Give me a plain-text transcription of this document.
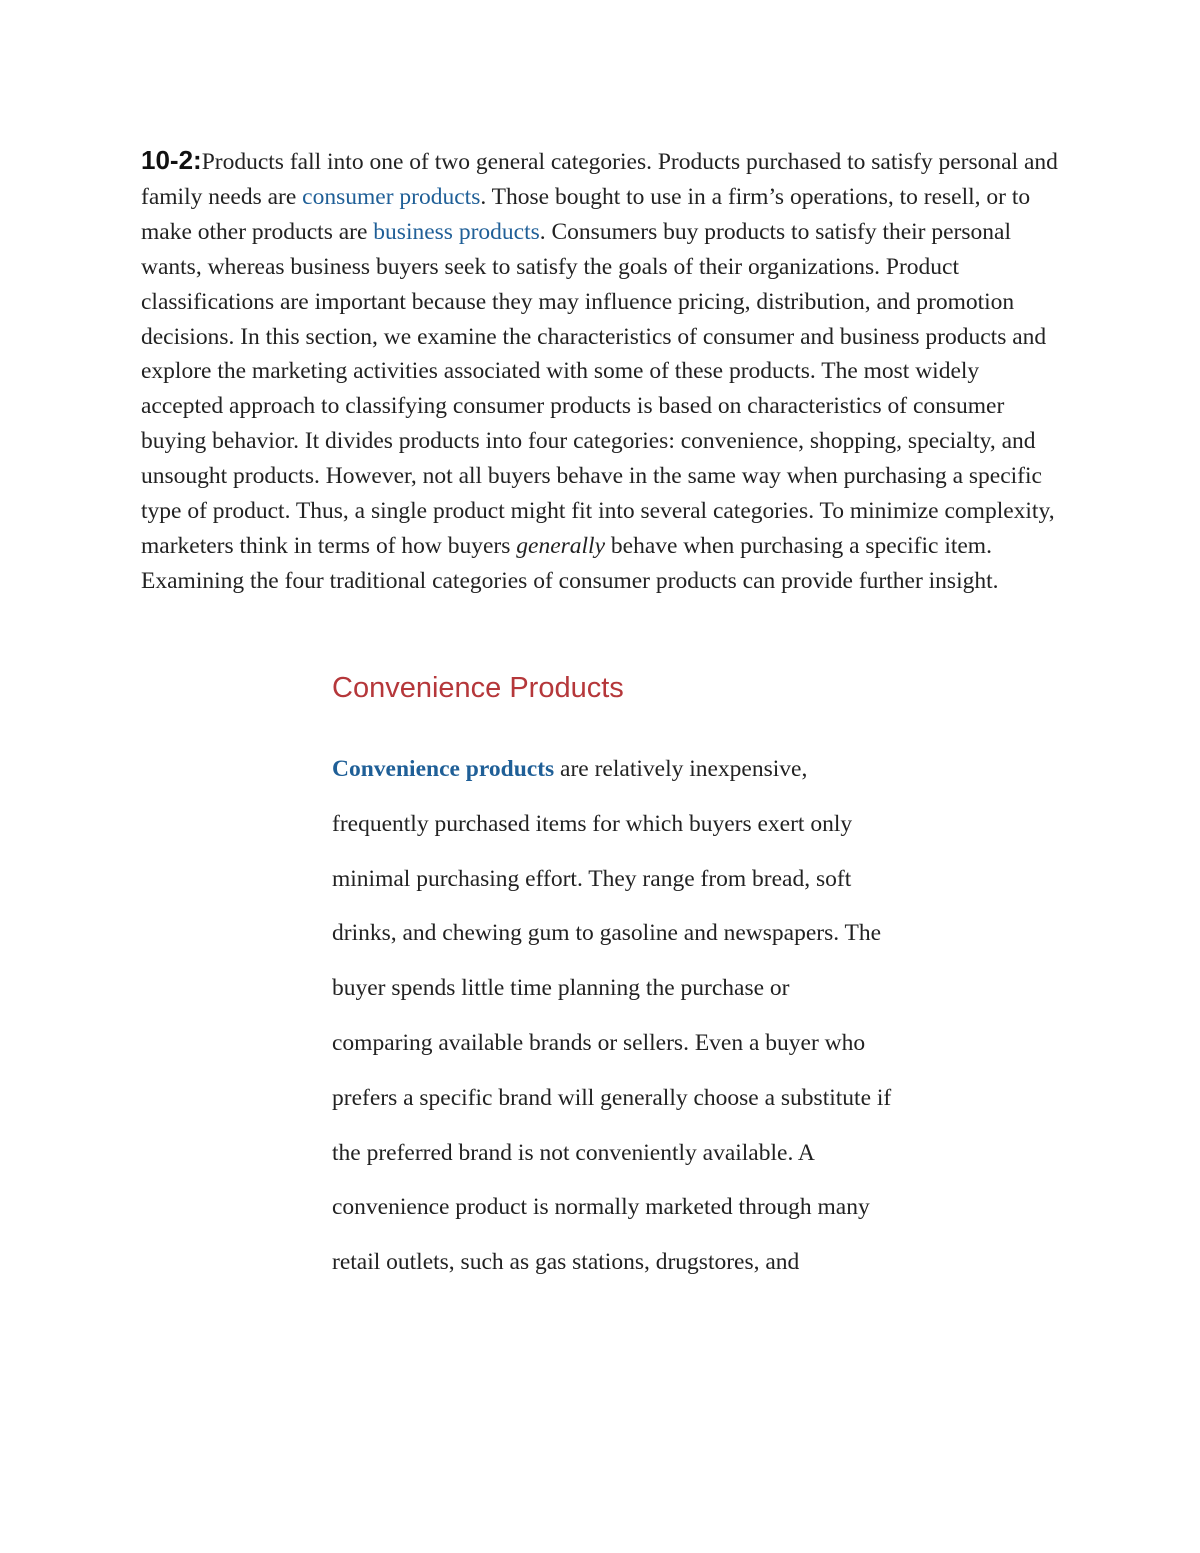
10-2:Products fall into one of two general categories. Products purchased to satisfy personal and family needs are consumer products. Those bought to use in a firm’s operations, to resell, or to make other products are business products. Consumers buy products to satisfy their personal wants, whereas business buyers seek to satisfy the goals of their organizations. Product classifications are important because they may influence pricing, distribution, and promotion decisions. In this section, we examine the characteristics of consumer and business products and explore the marketing activities associated with some of these products. The most widely accepted approach to classifying consumer products is based on characteristics of consumer buying behavior. It divides products into four categories: convenience, shopping, specialty, and unsought products. However, not all buyers behave in the same way when purchasing a specific type of product. Thus, a single product might fit into several categories. To minimize complexity, marketers think in terms of how buyers generally behave when purchasing a specific item. Examining the four traditional categories of consumer products can provide further insight.

Convenience Products

Convenience products are relatively inexpensive, frequently purchased items for which buyers exert only minimal purchasing effort. They range from bread, soft drinks, and chewing gum to gasoline and newspapers. The buyer spends little time planning the purchase or comparing available brands or sellers. Even a buyer who prefers a specific brand will generally choose a substitute if the preferred brand is not conveniently available. A convenience product is normally marketed through many retail outlets, such as gas stations, drugstores, and
